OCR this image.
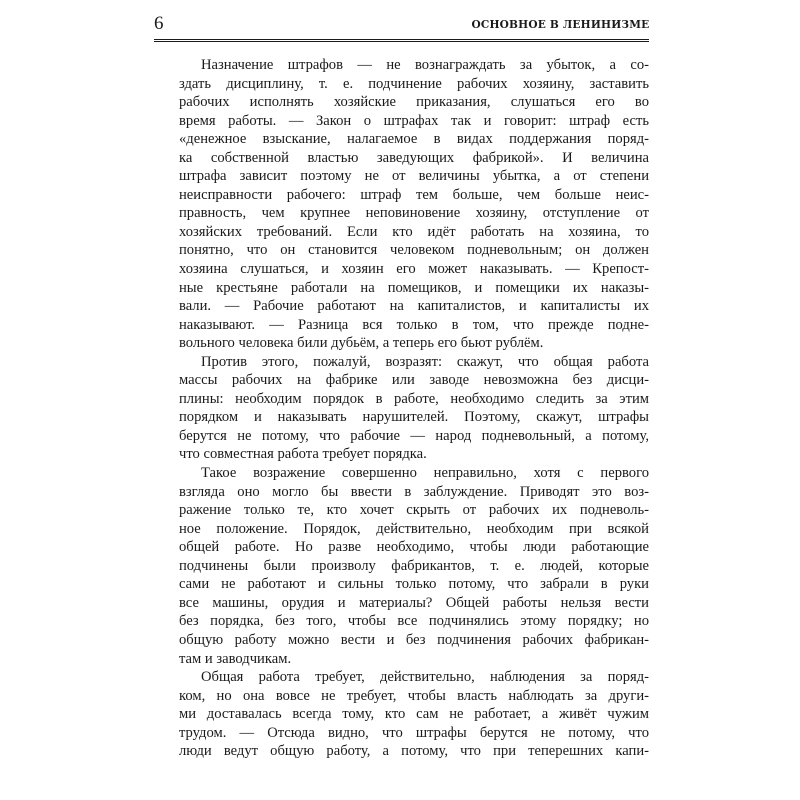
6	ОСНОВНОЕ В ЛЕНИНИЗМЕ
Назначение штрафов — не вознаграждать за убыток, а со-
здать дисциплину, т. е. подчинение рабочих хозяину, заставить
рабочих исполнять хозяйские приказания, слушаться его во
время работы. — Закон о штрафах так и говорит: штраф есть
«денежное взыскание, налагаемое в видах поддержания поряд-
ка собственной властью заведующих фабрикой». И величина
штрафа зависит поэтому не от величины убытка, а от степени
неисправности рабочего: штраф тем больше, чем больше неис-
правность, чем крупнее неповиновение хозяину, отступление от
хозяйских требований. Если кто идёт работать на хозяина, то
понятно, что он становится человеком подневольным; он должен
хозяина слушаться, и хозяин его может наказывать. — Крепост-
ные крестьяне работали на помещиков, и помещики их наказы-
вали. — Рабочие работают на капиталистов, и капиталисты их
наказывают. — Разница вся только в том, что прежде подне-
вольного человека били дубьём, а теперь его бьют рублём.
Против этого, пожалуй, возразят: скажут, что общая работа
массы рабочих на фабрике или заводе невозможна без дисци-
плины: необходим порядок в работе, необходимо следить за этим
порядком и наказывать нарушителей. Поэтому, скажут, штрафы
берутся не потому, что рабочие — народ подневольный, а потому,
что совместная работа требует порядка.
Такое возражение совершенно неправильно, хотя с первого
взгляда оно могло бы ввести в заблуждение. Приводят это воз-
ражение только те, кто хочет скрыть от рабочих их подневоль-
ное положение. Порядок, действительно, необходим при всякой
общей работе. Но разве необходимо, чтобы люди работающие
подчинены были произволу фабрикантов, т. е. людей, которые
сами не работают и сильны только потому, что забрали в руки
все машины, орудия и материалы? Общей работы нельзя вести
без порядка, без того, чтобы все подчинялись этому порядку; но
общую работу можно вести и без подчинения рабочих фабрикан-
там и заводчикам.
Общая работа требует, действительно, наблюдения за поряд-
ком, но она вовсе не требует, чтобы власть наблюдать за други-
ми доставалась всегда тому, кто сам не работает, а живёт чужим
трудом. — Отсюда видно, что штрафы берутся не потому, что
люди ведут общую работу, а потому, что при теперешних капи-
